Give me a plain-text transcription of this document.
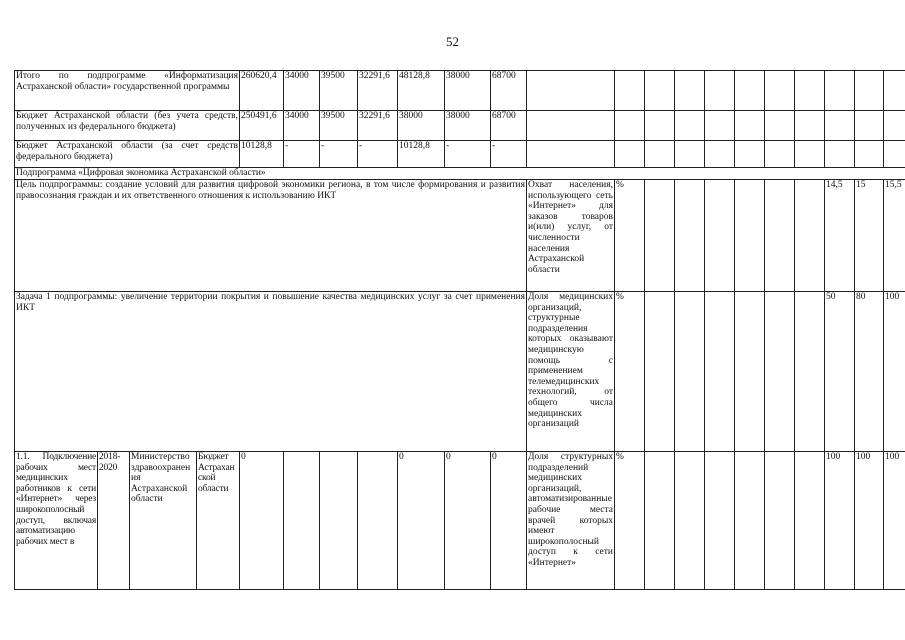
52
Итого по подпрограмме «Информатизация Астраханской области» государственной программы				260620,4	34000	39500	32291,6	48128,8	38000	68700											
Бюджет Астраханской области (без учета средств, полученных из федерального бюджета)				250491,6	34000	39500	32291,6	38000	38000	68700											
Бюджет Астраханской области (за счет средств федерального бюджета)				10128,8	-	-	-	10128,8	-	-											
Подпрограмма «Цифровая экономика Астраханской области»																					
Цель подпрограммы: создание условий для развития цифровой экономики региона, в том числе формирования и развития правосознания граждан и их ответственного отношения к использованию ИКТ											Охват населения, использующего сеть «Интернет» для заказов товаров и(или) услуг, от численности населения Астраханской области	%							14,5	15	15,5
Задача 1 подпрограммы: увеличение территории покрытия и повышение качества медицинских услуг за счет применения ИКТ											Доля медицинских организаций, структурные подразделения которых оказывают медицинскую помощь с применением телемедицинских технологий, от общего числа медицинских организаций	%							50	80	100
1.1. Подключение рабочих мест медицинских работников к сети «Интернет» через широкополосный доступ, включая автоматизацию рабочих мест в	2018-2020	Министерство здравоохранения Астраханской области	Бюджет Астраханской области	0				0	0	0	Доля структурных подразделений медицинских организаций, автоматизированные рабочие места врачей которых имеют широкополосный доступ к сети «Интернет»	%							100	100	100
